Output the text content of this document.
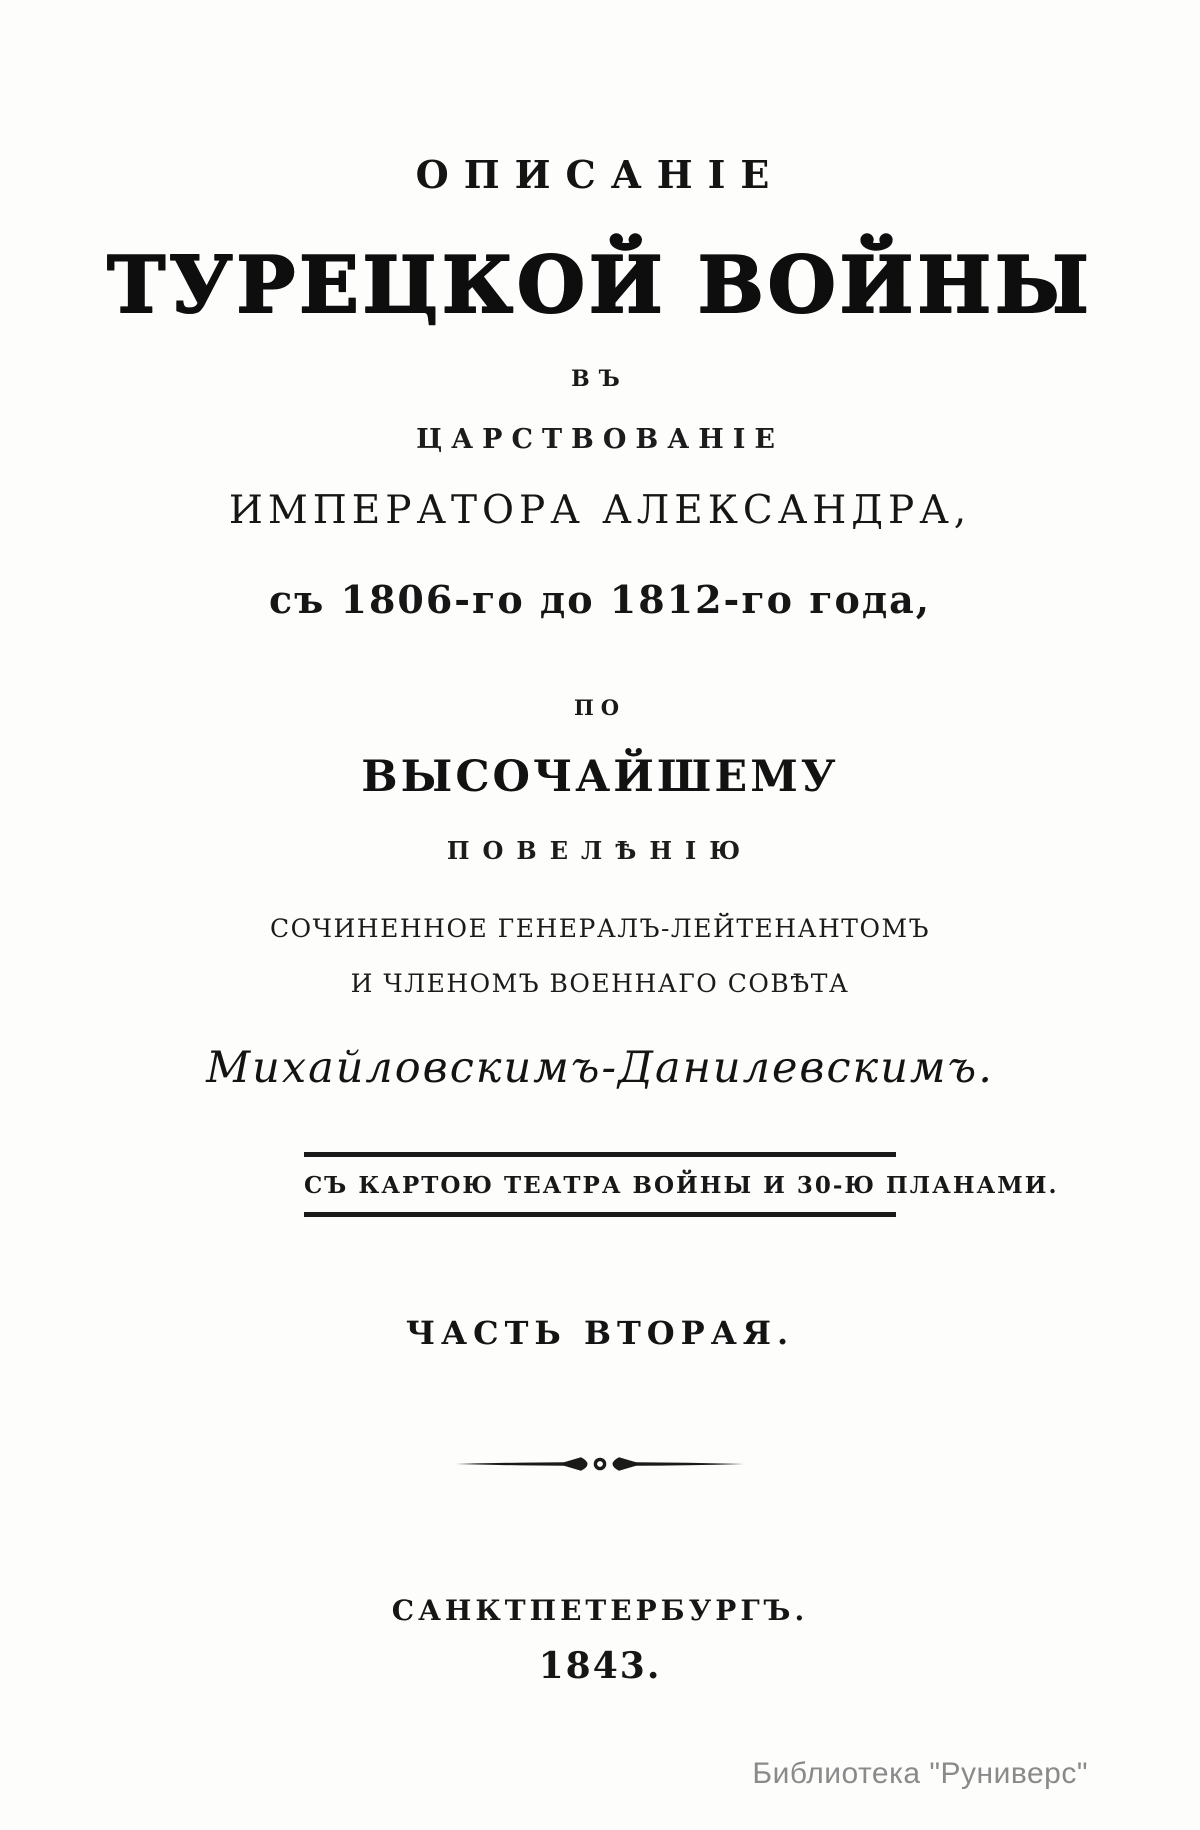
ОПИСАНІЕ
ТУРЕЦКОЙ ВОЙНЫ
ВЪ
ЦАРСТВОВАНІЕ
ИМПЕРАТОРА АЛЕКСАНДРА,
съ 1806-го до 1812-го года,
ПО
ВЫСОЧАЙШЕМУ
ПОВЕЛѢНІЮ
СОЧИНЕННОЕ ГЕНЕРАЛЪ-ЛЕЙТЕНАНТОМЪ
И ЧЛЕНОМЪ ВОЕННАГО СОВѢТА
Михайловскимъ-Данилевскимъ.
СЪ КАРТОЮ ТЕАТРА ВОЙНЫ И 30-Ю ПЛАНАМИ.
ЧАСТЬ ВТОРАЯ.
САНКТПЕТЕРБУРГЪ.
1843.
Библиотека "Руниверс"
